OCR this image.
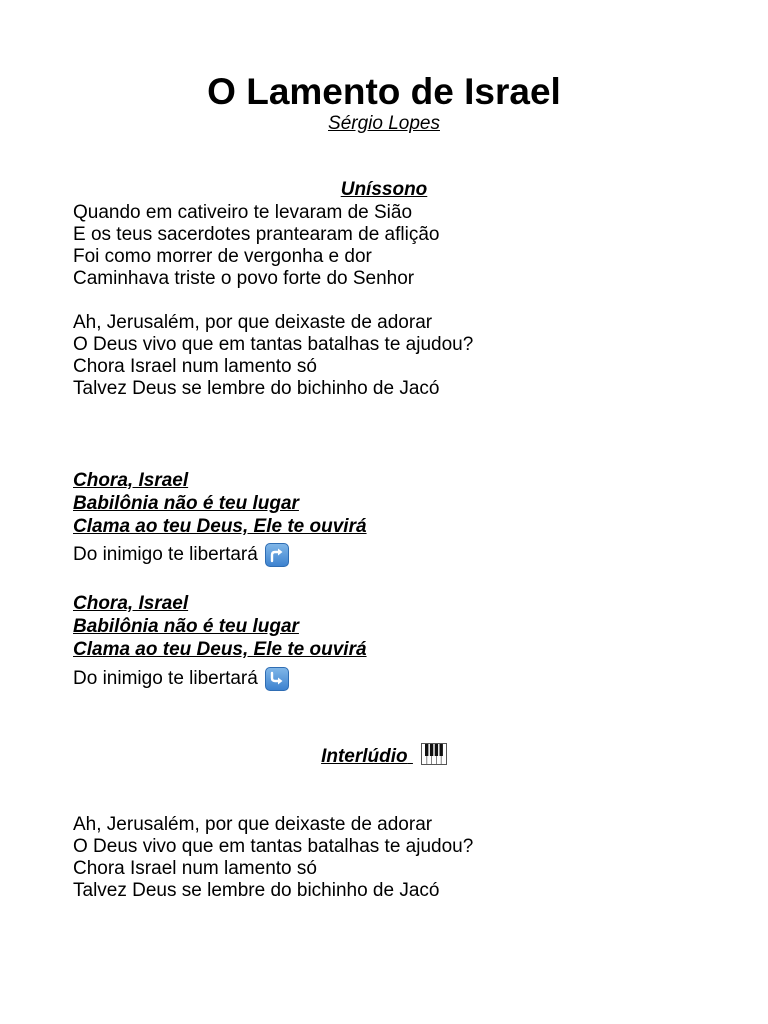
O Lamento de Israel
Sérgio Lopes
Uníssono
Quando em cativeiro te levaram de Sião
E os teus sacerdotes prantearam de aflição
Foi como morrer de vergonha e dor
Caminhava triste o povo forte do Senhor
Ah, Jerusalém, por que deixaste de adorar
O Deus vivo que em tantas batalhas te ajudou?
Chora Israel num lamento só
Talvez Deus se lembre do bichinho de Jacó
Chora, Israel
Babilônia não é teu lugar
Clama ao teu Deus, Ele te ouvirá
Do inimigo te libertará
Chora, Israel
Babilônia não é teu lugar
Clama ao teu Deus, Ele te ouvirá
Do inimigo te libertará
Interlúdio
Ah, Jerusalém, por que deixaste de adorar
O Deus vivo que em tantas batalhas te ajudou?
Chora Israel num lamento só
Talvez Deus se lembre do bichinho de Jacó
